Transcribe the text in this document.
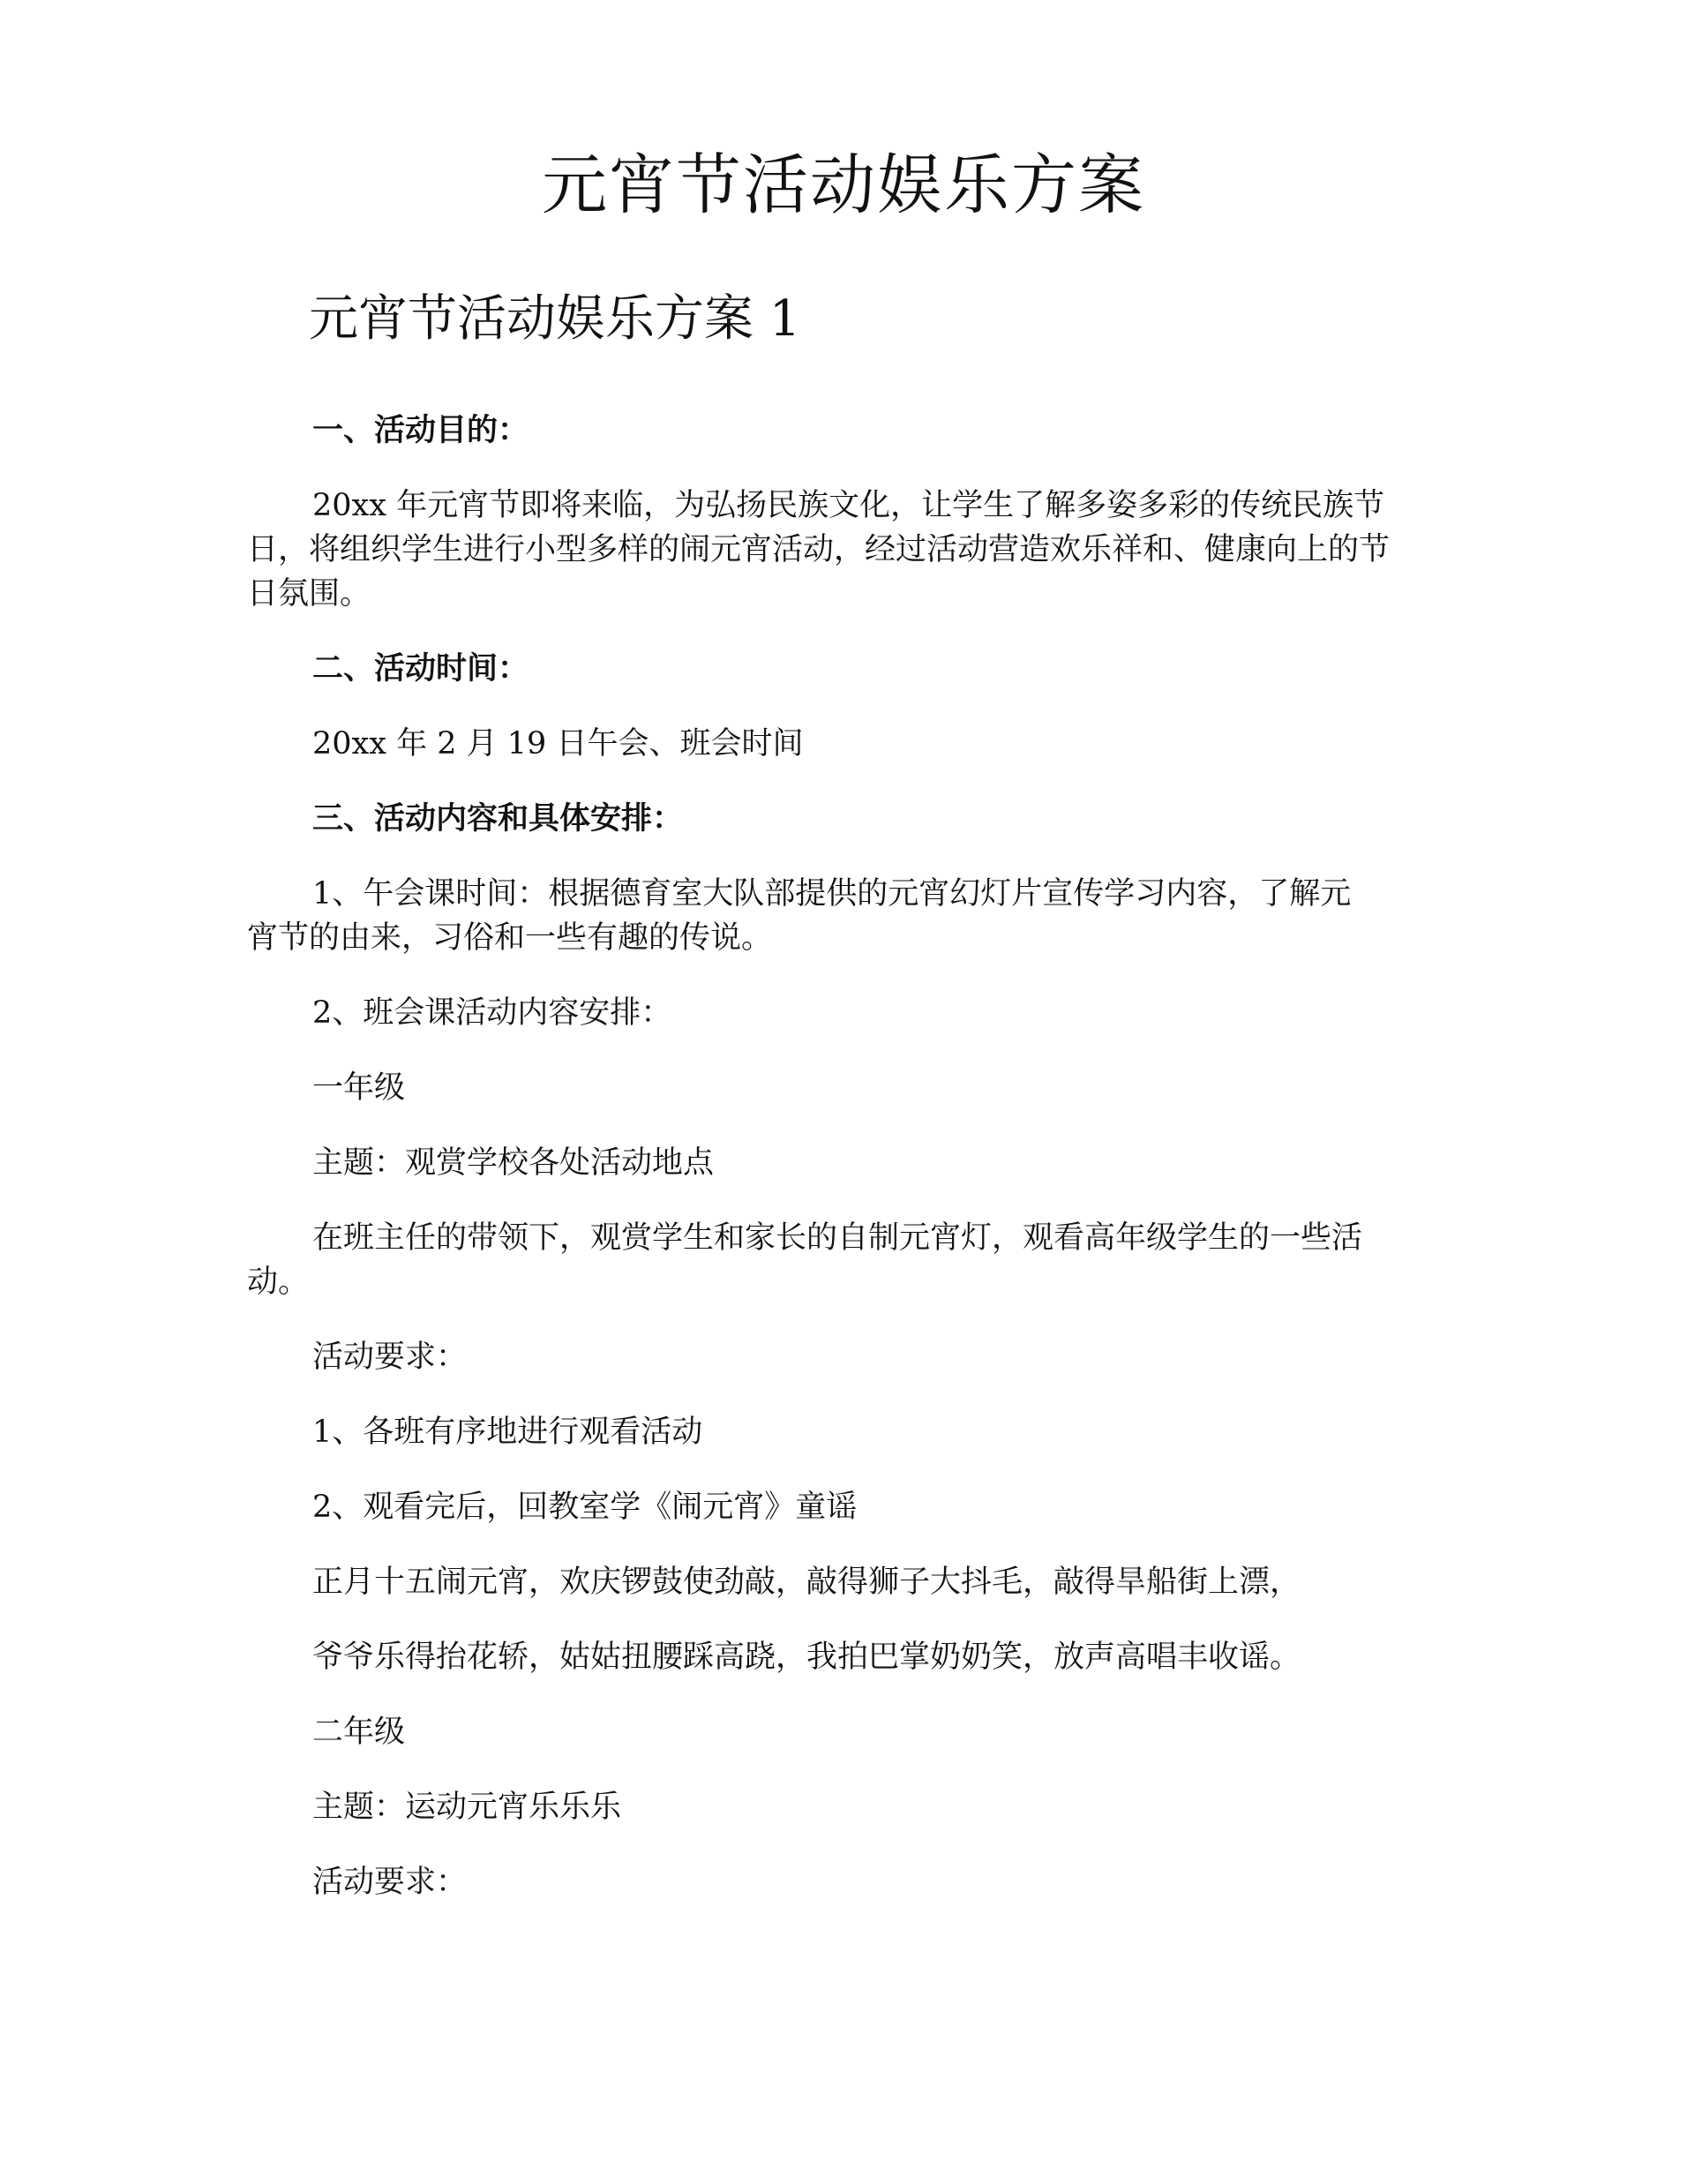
元宵节活动娱乐方案
元宵节活动娱乐方案 1

一、活动目的：

20xx 年元宵节即将来临，为弘扬民族文化，让学生了解多姿多彩的传统民族节

日，将组织学生进行小型多样的闹元宵活动，经过活动营造欢乐祥和、健康向上的节

日氛围。

二、活动时间：

20xx 年 2 月 19 日午会、班会时间

三、活动内容和具体安排：

1、午会课时间：根据德育室大队部提供的元宵幻灯片宣传学习内容，了解元

宵节的由来，习俗和一些有趣的传说。

2、班会课活动内容安排：

一年级

主题：观赏学校各处活动地点

在班主任的带领下，观赏学生和家长的自制元宵灯，观看高年级学生的一些活

动。

活动要求：

1、各班有序地进行观看活动

2、观看完后，回教室学《闹元宵》童谣

正月十五闹元宵，欢庆锣鼓使劲敲，敲得狮子大抖毛，敲得旱船街上漂，

爷爷乐得抬花轿，姑姑扭腰踩高跷，我拍巴掌奶奶笑，放声高唱丰收谣。

二年级

主题：运动元宵乐乐乐

活动要求：
